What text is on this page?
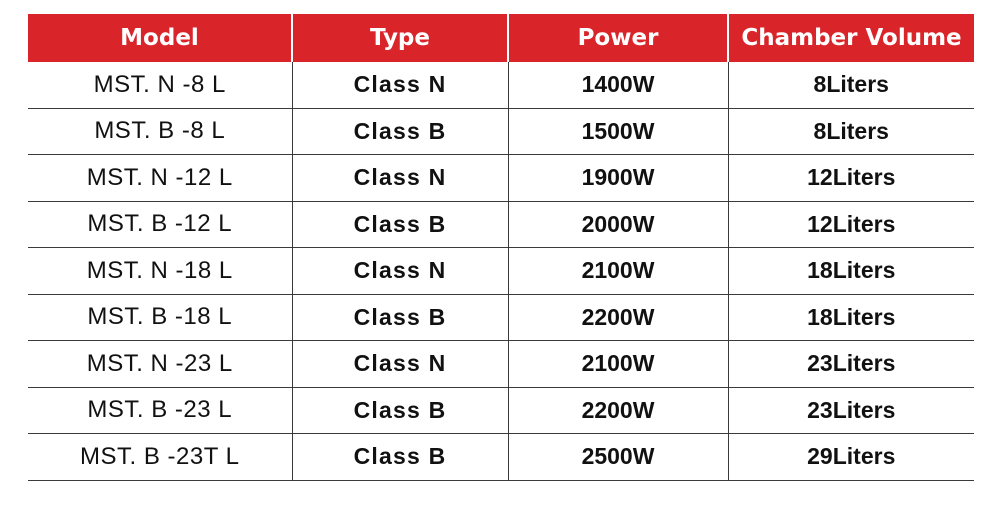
Model	Type	Power	Chamber Volume
MST. N -8 L	Class N	1400W	8Liters
MST. B -8 L	Class B	1500W	8Liters
MST. N -12 L	Class N	1900W	12Liters
MST. B -12 L	Class B	2000W	12Liters
MST. N -18 L	Class N	2100W	18Liters
MST. B -18 L	Class B	2200W	18Liters
MST. N -23 L	Class N	2100W	23Liters
MST. B -23 L	Class B	2200W	23Liters
MST. B -23T L	Class B	2500W	29Liters
